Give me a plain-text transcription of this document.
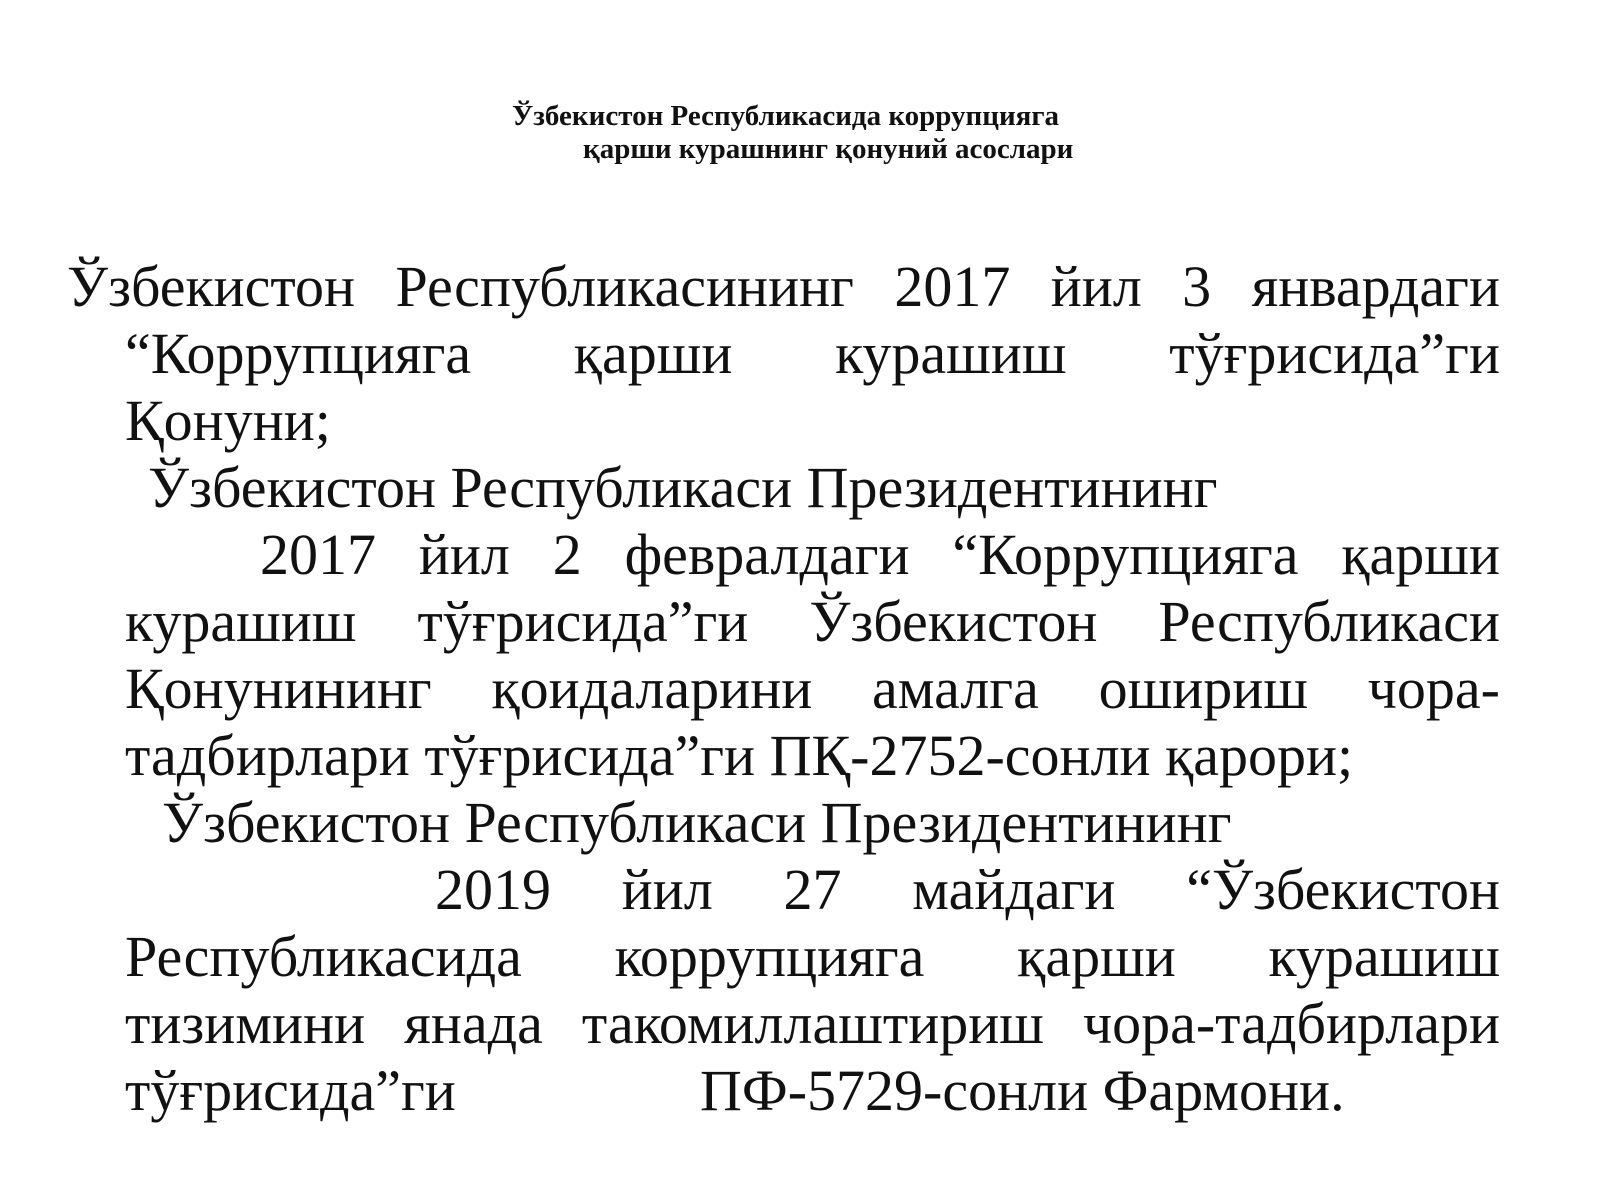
Ўзбекистон Республикасида коррупцияга
қарши курашнинг қонуний асослари
Ўзбекистон Республикасининг 2017 йил 3 январдаги
“Коррупцияга қарши курашиш тўғрисида”ги
Қонуни;
Ўзбекистон Республикаси Президентининг
2017 йил 2 февралдаги “Коррупцияга қарши
курашиш тўғрисида”ги Ўзбекистон Республикаси
Қонунининг қоидаларини амалга ошириш чора-
тадбирлари тўғрисида”ги ПҚ-2752-сонли қарори;
Ўзбекистон Республикаси Президентининг
2019 йил 27 майдаги “Ўзбекистон
Республикасида коррупцияга қарши курашиш
тизимини янада такомиллаштириш чора-тадбирлари
тўғрисида”ги	ПФ-5729-сонли Фармони.
